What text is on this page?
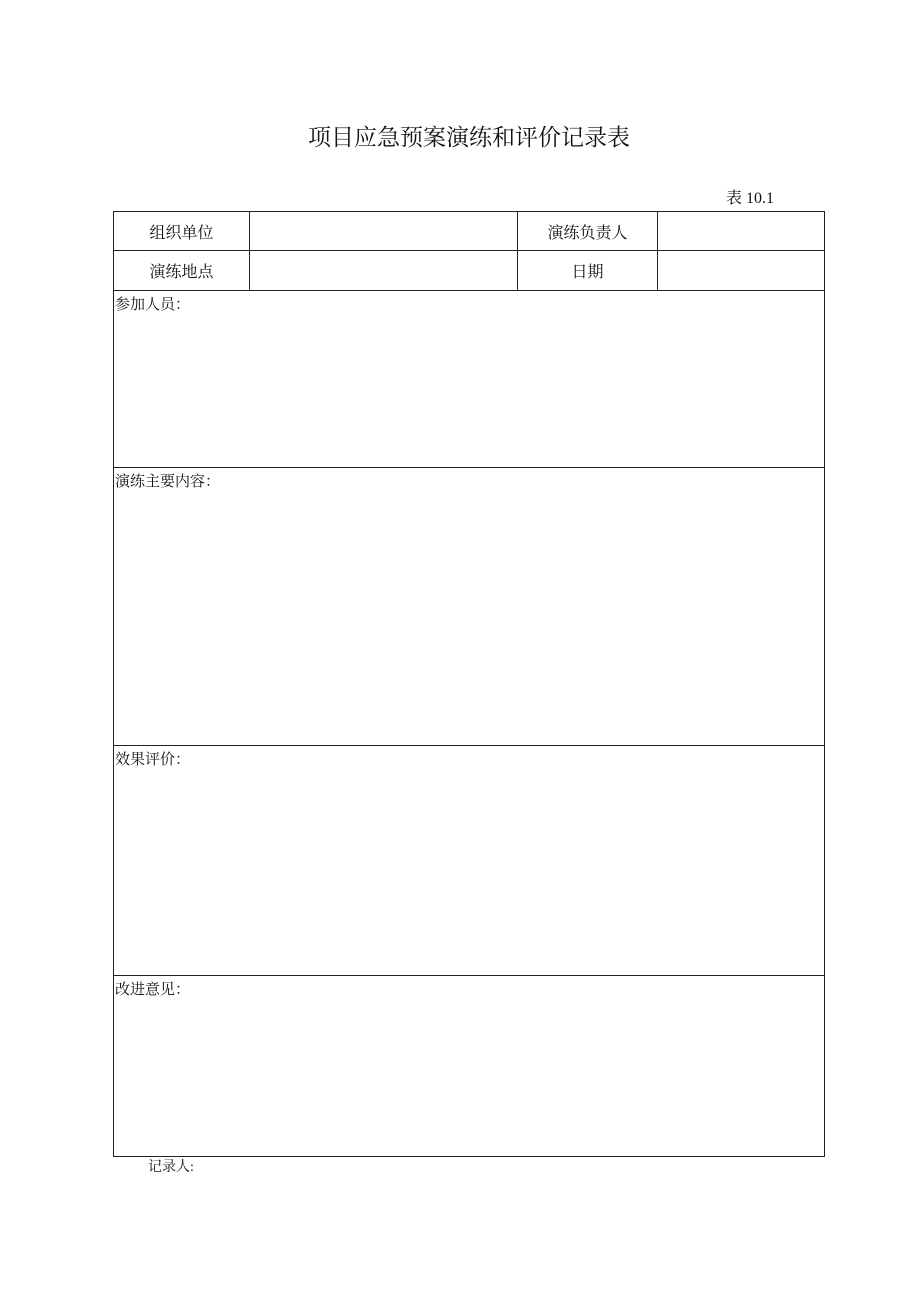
项目应急预案演练和评价记录表
表 10.1
组织单位	演练负责人
演练地点	日期
参加人员：
演练主要内容：
效果评价：
改进意见：
记录人:
